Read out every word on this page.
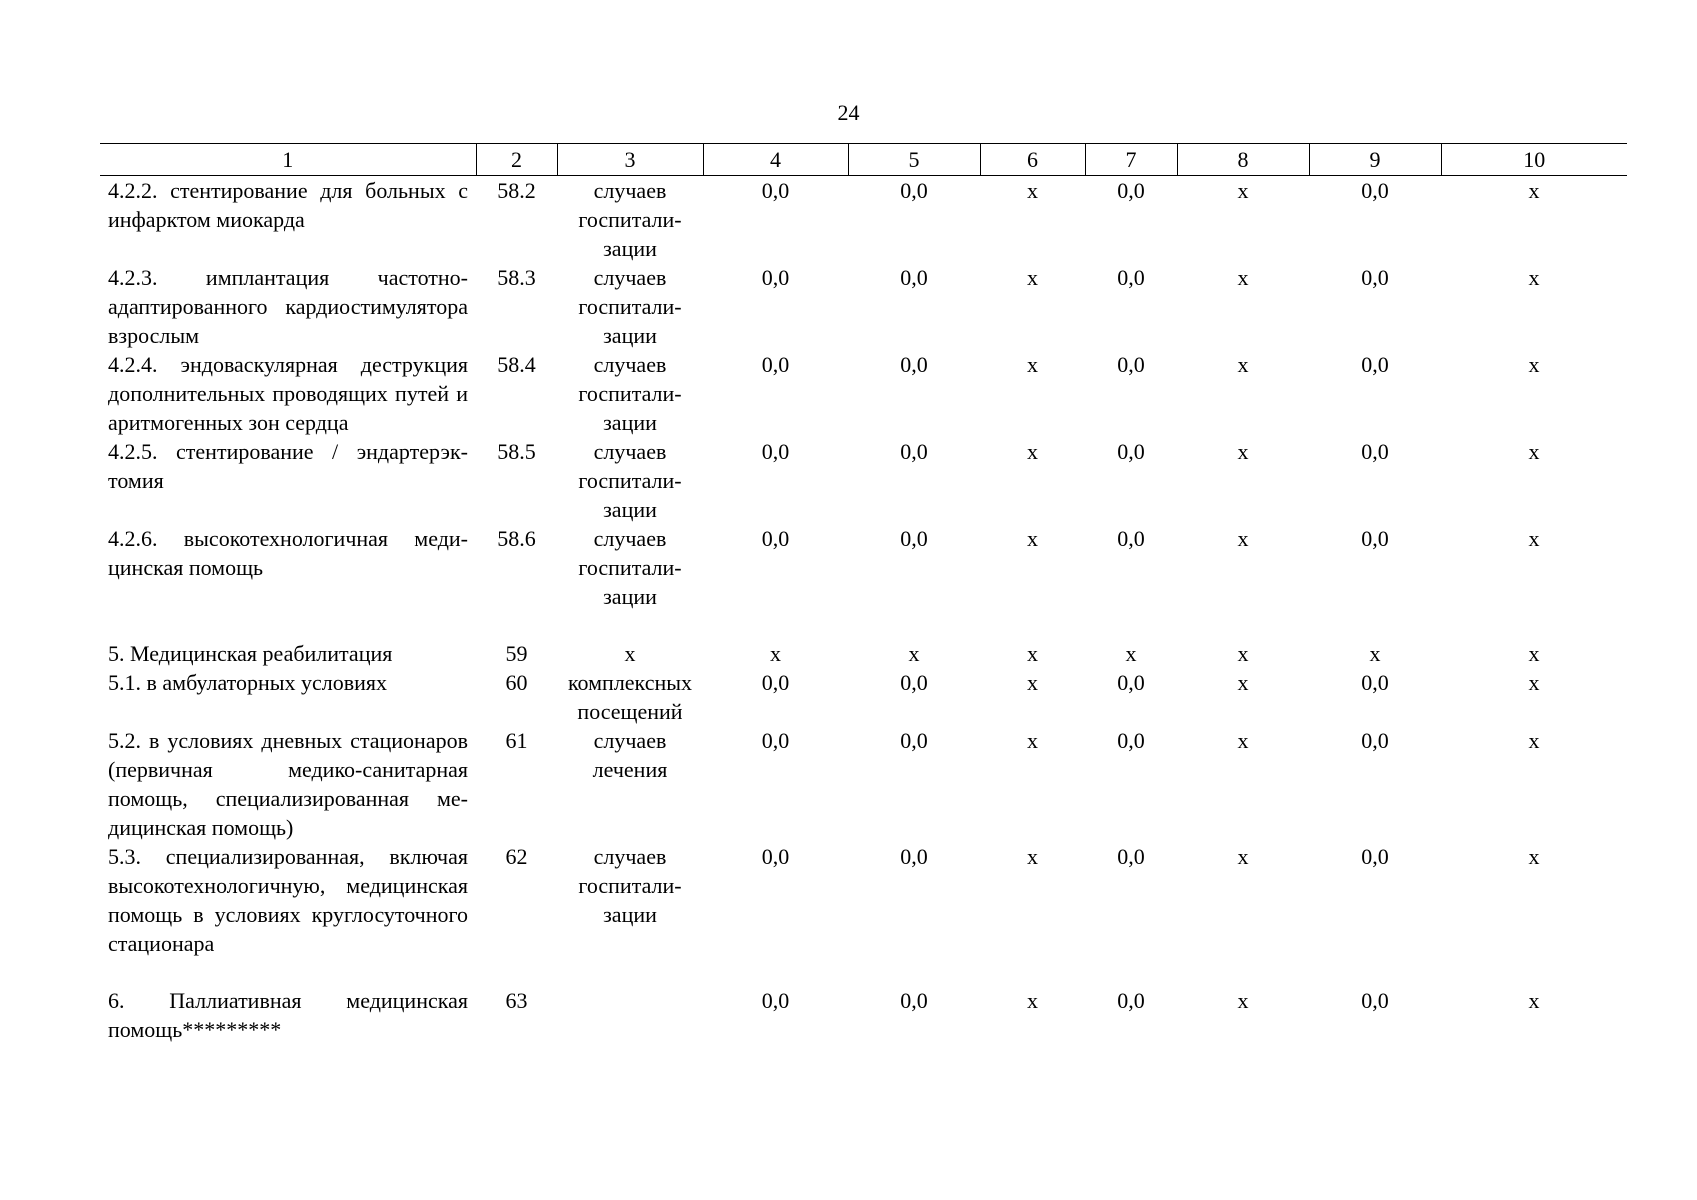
24
1	2	3	4	5	6	7	8	9	10
4.2.2. стентирование для больных с инфарктом миокарда	58.2	случаев госпитализации	0,0	0,0	х	0,0	х	0,0	х
4.2.3. имплантация частотно-адаптированного кардиостимулятора взрослым	58.3	случаев госпитализации	0,0	0,0	х	0,0	х	0,0	х
4.2.4. эндоваскулярная деструкция дополнительных проводящих путей и аритмогенных зон сердца	58.4	случаев госпитализации	0,0	0,0	х	0,0	х	0,0	х
4.2.5. стентирование / эндартерэктомия	58.5	случаев госпитализации	0,0	0,0	х	0,0	х	0,0	х
4.2.6. высокотехнологичная медицинская помощь	58.6	случаев госпитализации	0,0	0,0	х	0,0	х	0,0	х
5. Медицинская реабилитация	59	х	х	х	х	х	х	х	х
5.1. в амбулаторных условиях	60	комплексных посещений	0,0	0,0	х	0,0	х	0,0	х
5.2. в условиях дневных стационаров (первичная медико-санитарная помощь, специализированная медицинская помощь)	61	случаев лечения	0,0	0,0	х	0,0	х	0,0	х
5.3. специализированная, включая высокотехнологичную, медицинская помощь в условиях круглосуточного стационара	62	случаев госпитализации	0,0	0,0	х	0,0	х	0,0	х
6. Паллиативная медицинская помощь*********	63		0,0	0,0	х	0,0	х	0,0	х
